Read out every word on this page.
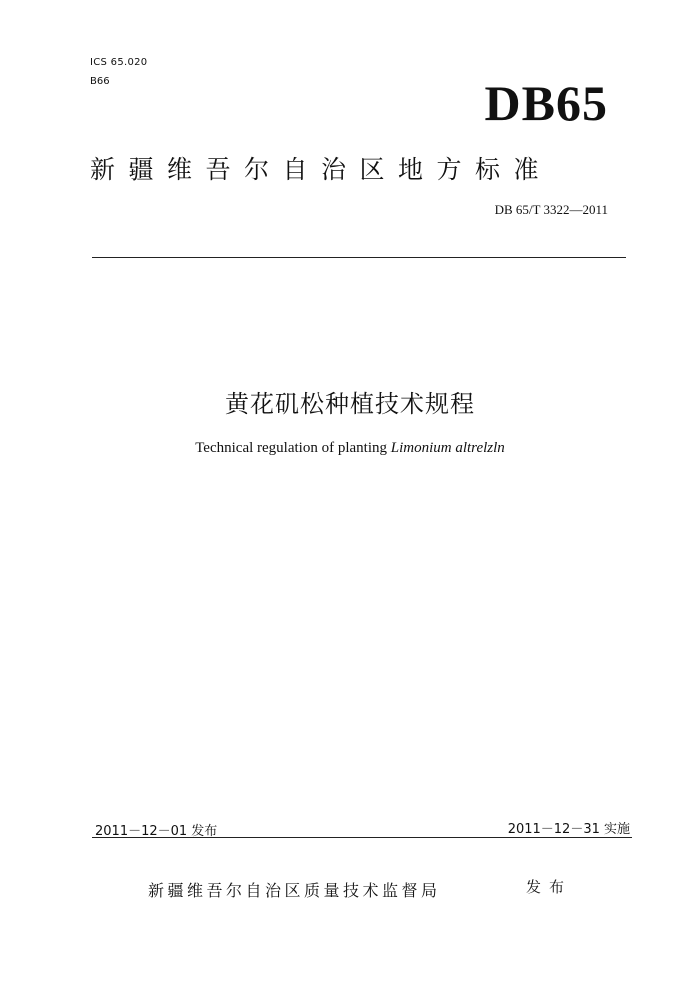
ICS 65.020
B66	DB65
新疆维吾尔自治区地方标准
DB 65/T 3322—2011
黄花矶松种植技术规程
Technical regulation of planting Limonium altrelzln
2011－12－01 发布	2011－12－31 实施
新疆维吾尔自治区质量技术监督局	发布
